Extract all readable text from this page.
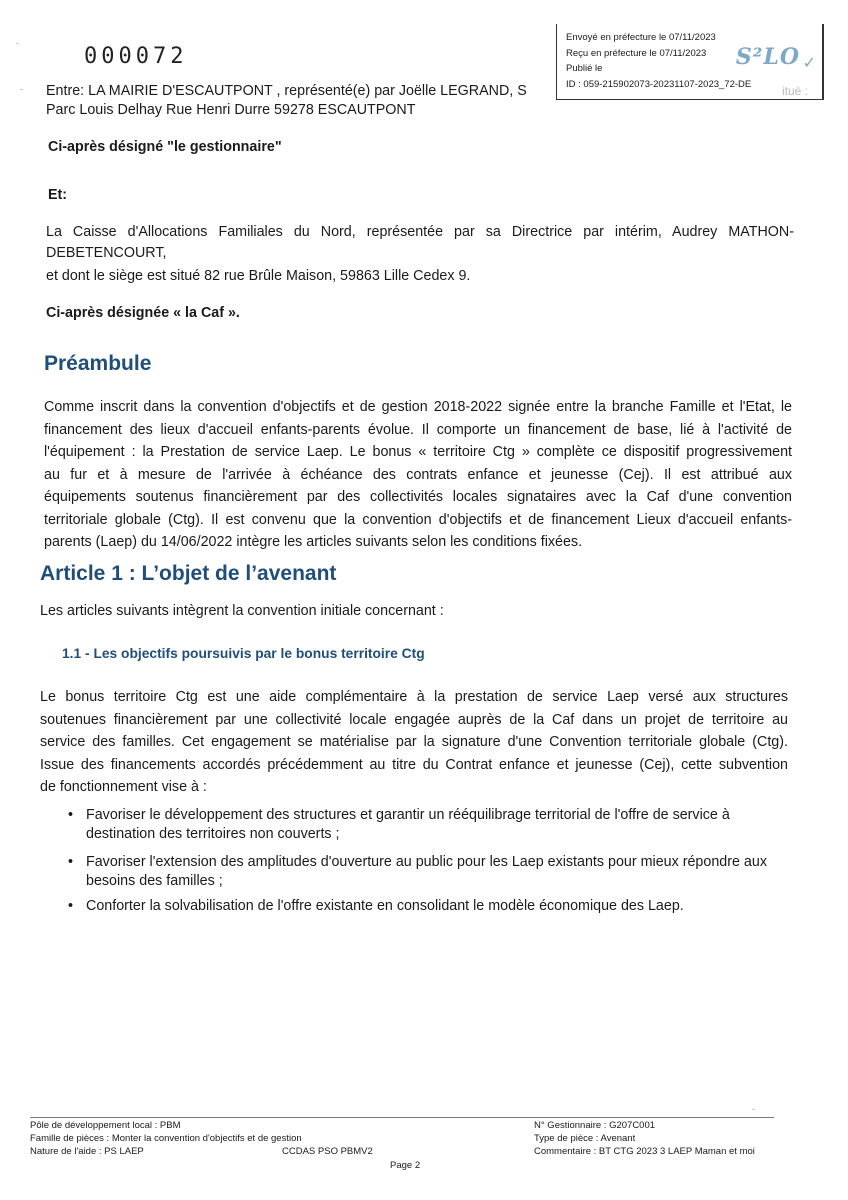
000072
-
-
Envoyé en préfecture le 07/11/2023
Reçu en préfecture le 07/11/2023
Publié le
ID : 059-215902073-20231107-2023_72-DE
S²LO ✓
Entre: LA MAIRIE D'ESCAUTPONT , représenté(e) par Joëlle LEGRAND, S	itué :
Parc Louis Delhay Rue Henri Durre 59278 ESCAUTPONT
Ci-après désigné "le gestionnaire"
Et:
La Caisse d'Allocations Familiales du Nord, représentée par sa Directrice par intérim, Audrey MATHON-
DEBETENCOURT,
et dont le siège est situé 82 rue Brûle Maison, 59863 Lille Cedex 9.
Ci-après désignée « la Caf ».
Préambule
Comme inscrit dans la convention d'objectifs et de gestion 2018-2022 signée entre la branche Famille et l'Etat, le
financement des lieux d'accueil enfants-parents évolue. Il comporte un financement de base, lié à l'activité de
l'équipement : la Prestation de service Laep. Le bonus « territoire Ctg » complète ce dispositif progressivement
au fur et à mesure de l'arrivée à échéance des contrats enfance et jeunesse (Cej). Il est attribué aux
équipements soutenus financièrement par des collectivités locales signataires avec la Caf d'une convention
territoriale globale (Ctg). Il est convenu que la convention d'objectifs et de financement Lieux d'accueil enfants-
parents (Laep) du 14/06/2022 intègre les articles suivants selon les conditions fixées.
Article 1 : L’objet de l’avenant
Les articles suivants intègrent la convention initiale concernant :
1.1 - Les objectifs poursuivis par le bonus territoire Ctg
Le bonus territoire Ctg est une aide complémentaire à la prestation de service Laep versé aux structures
soutenues financièrement par une collectivité locale engagée auprès de la Caf dans un projet de territoire au
service des familles. Cet engagement se matérialise par la signature d'une Convention territoriale globale (Ctg).
Issue des financements accordés précédemment au titre du Contrat enfance et jeunesse (Cej), cette subvention
de fonctionnement vise à :
• Favoriser le développement des structures et garantir un rééquilibrage territorial de l'offre de service à destination des territoires non couverts ;
• Favoriser l'extension des amplitudes d'ouverture au public pour les Laep existants pour mieux répondre aux besoins des familles ;
• Conforter la solvabilisation de l'offre existante en consolidant le modèle économique des Laep.
-
Pôle de développement local : PBM
Famille de pièces : Monter la convention d'objectifs et de gestion
Nature de l'aide : PS LAEP	CCDAS PSO PBMV2
Page 2
N° Gestionnaire : G207C001
Type de pièce : Avenant
Commentaire : BT CTG 2023 3 LAEP Maman et moi
